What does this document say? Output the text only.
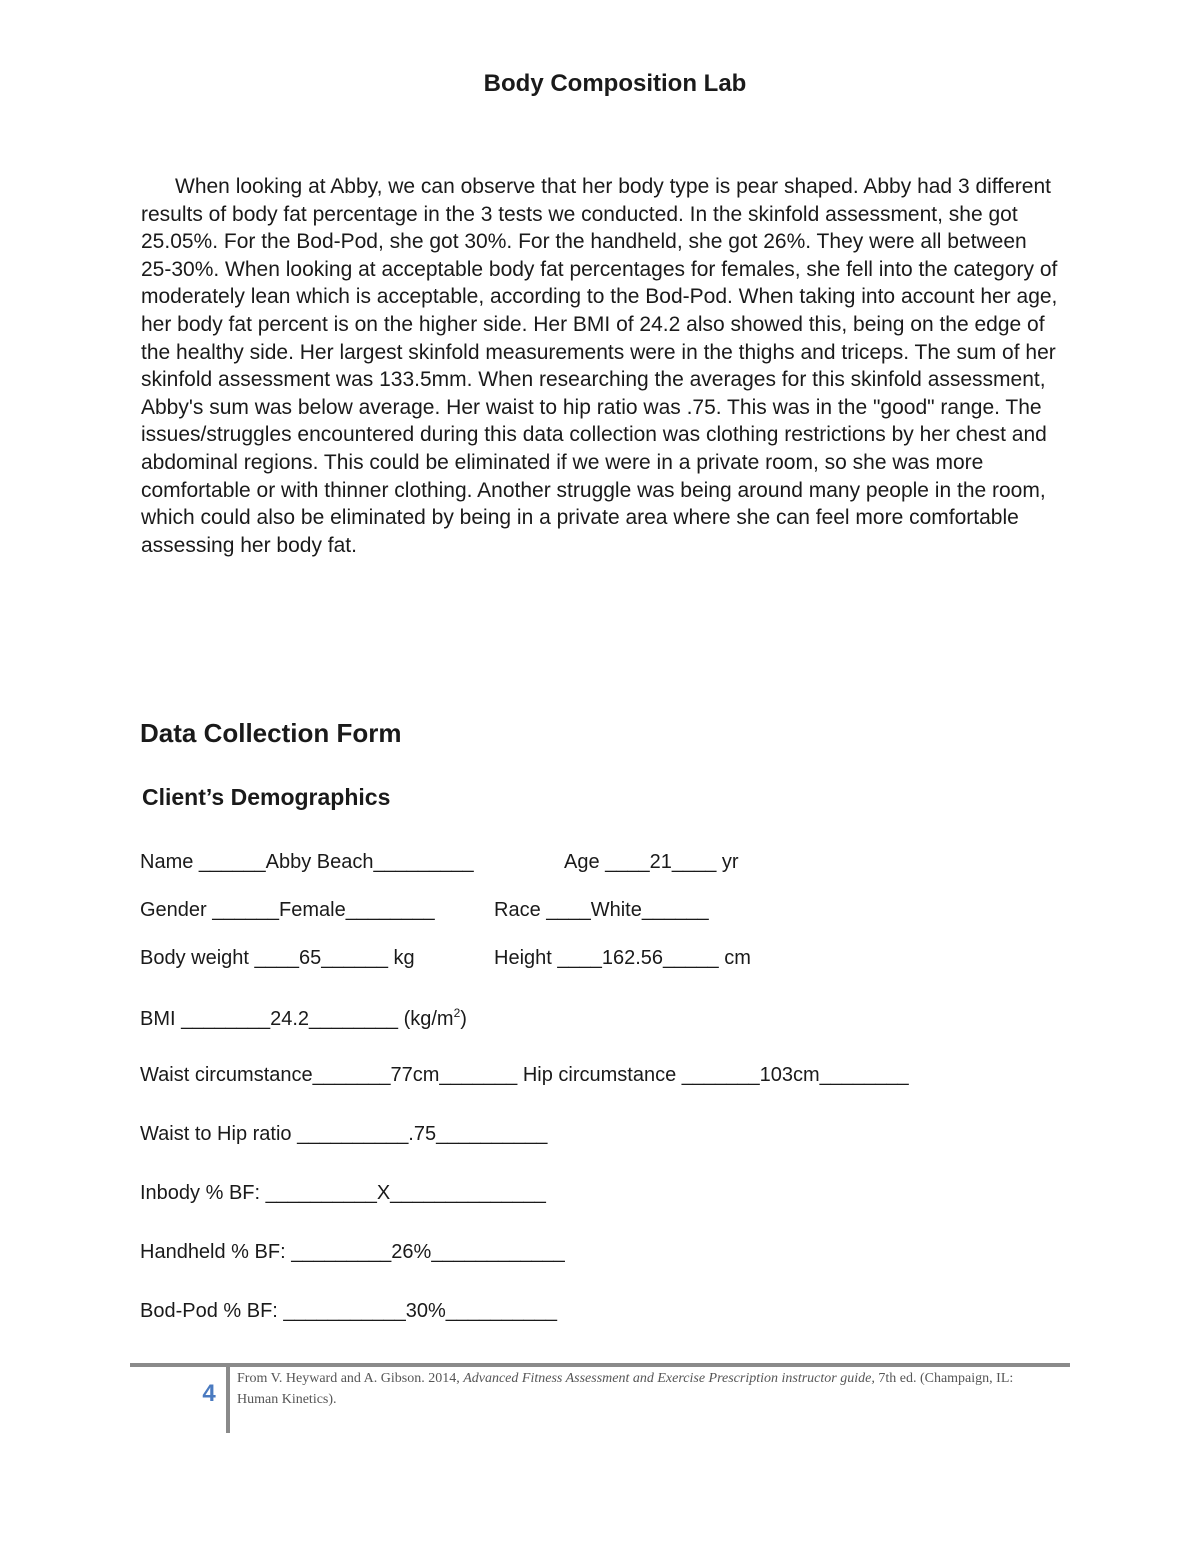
Body Composition Lab

When looking at Abby, we can observe that her body type is pear shaped. Abby had 3 different results of body fat percentage in the 3 tests we conducted. In the skinfold assessment, she got 25.05%. For the Bod-Pod, she got 30%. For the handheld, she got 26%. They were all between 25-30%. When looking at acceptable body fat percentages for females, she fell into the category of moderately lean which is acceptable, according to the Bod-Pod. When taking into account her age, her body fat percent is on the higher side. Her BMI of 24.2 also showed this, being on the edge of the healthy side. Her largest skinfold measurements were in the thighs and triceps. The sum of her skinfold assessment was 133.5mm. When researching the averages for this skinfold assessment, Abby's sum was below average. Her waist to hip ratio was .75. This was in the "good" range. The issues/struggles encountered during this data collection was clothing restrictions by her chest and abdominal regions. This could be eliminated if we were in a private room, so she was more comfortable or with thinner clothing. Another struggle was being around many people in the room, which could also be eliminated by being in a private area where she can feel more comfortable assessing her body fat.

Data Collection Form
Client’s Demographics
Name ______Abby Beach_________	Age ____21____ yr
Gender ______Female________	Race ____White______
Body weight ____65______ kg	Height ____162.56_____ cm
BMI ________24.2________ $(kg/m^2)$
Waist circumstance_______77cm_______ Hip circumstance _______103cm________
Waist to Hip ratio __________.75__________
Inbody % BF: __________X______________
Handheld % BF: _________26%____________
Bod-Pod % BF: ___________30%__________
4
From V. Heyward and A. Gibson. 2014, Advanced Fitness Assessment and Exercise Prescription instructor guide, 7th ed. (Champaign, IL: Human Kinetics).
